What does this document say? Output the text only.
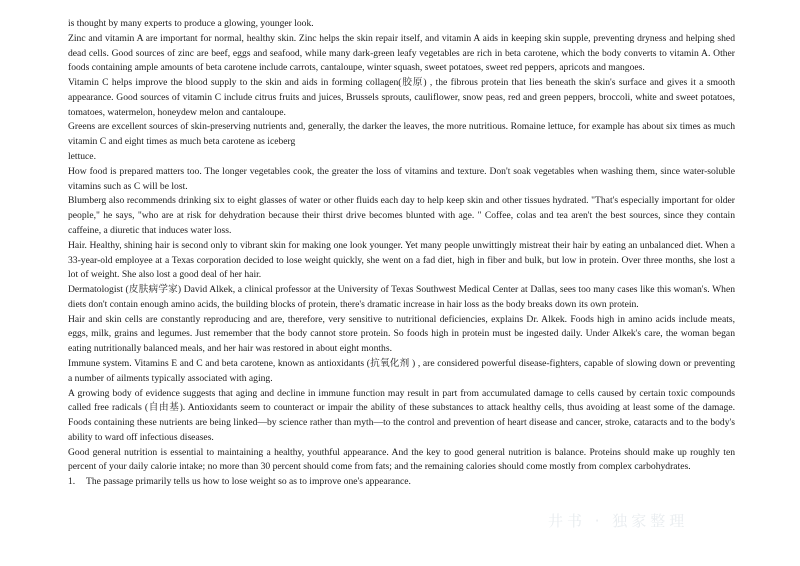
is thought by many experts to produce a glowing, younger look.

Zinc and vitamin A are important for normal, healthy skin. Zinc helps the skin repair itself, and vitamin A aids in keeping skin supple, preventing dryness and helping shed dead cells. Good sources of zinc are beef, eggs and seafood, while many dark-green leafy vegetables are rich in beta carotene, which the body converts to vitamin A. Other foods containing ample amounts of beta carotene include carrots, cantaloupe, winter squash, sweet potatoes, sweet red peppers, apricots and mangoes.

Vitamin C helps improve the blood supply to the skin and aids in forming collagen(胶原) , the fibrous protein that lies beneath the skin's surface and gives it a smooth appearance. Good sources of vitamin C include citrus fruits and juices, Brussels sprouts, cauliflower, snow peas, red and green peppers, broccoli, white and sweet potatoes, tomatoes, watermelon, honeydew melon and cantaloupe.

Greens are excellent sources of skin-preserving nutrients and, generally, the darker the leaves, the more nutritious. Romaine lettuce, for example has about six times as much vitamin C and eight times as much beta carotene as iceberg

lettuce.

How food is prepared matters too. The longer vegetables cook, the greater the loss of vitamins and texture. Don't soak vegetables when washing them, since water-soluble vitamins such as C will be lost.

Blumberg also recommends drinking six to eight glasses of water or other fluids each day to help keep skin and other tissues hydrated. "That's especially important for older people," he says, "who are at risk for dehydration because their thirst drive becomes blunted with age. " Coffee, colas and tea aren't the best sources, since they contain caffeine, a diuretic that induces water loss.

Hair. Healthy, shining hair is second only to vibrant skin for making one look younger. Yet many people unwittingly mistreat their hair by eating an unbalanced diet. When a 33-year-old employee at a Texas corporation decided to lose weight quickly, she went on a fad diet, high in fiber and bulk, but low in protein. Over three months, she lost a lot of weight. She also lost a good deal of her hair.

Dermatologist (皮肤病学家) David Alkek, a clinical professor at the University of Texas Southwest Medical Center at Dallas, sees too many cases like this woman's. When diets don't contain enough amino acids, the building blocks of protein, there's dramatic increase in hair loss as the body breaks down its own protein.

Hair and skin cells are constantly reproducing and are, therefore, very sensitive to nutritional deficiencies, explains Dr. Alkek. Foods high in amino acids include meats, eggs, milk, grains and legumes. Just remember that the body cannot store protein. So foods high in protein must be ingested daily. Under Alkek's care, the woman began eating nutritionally balanced meals, and her hair was restored in about eight months.

Immune system. Vitamins E and C and beta carotene, known as antioxidants (抗氧化剂 ) , are considered powerful disease-fighters, capable of slowing down or preventing a number of ailments typically associated with aging.

A growing body of evidence suggests that aging and decline in immune function may result in part from accumulated damage to cells caused by certain toxic compounds called free radicals (自由基). Antioxidants seem to counteract or impair the ability of these substances to attack healthy cells, thus avoiding at least some of the damage. Foods containing these nutrients are being linked—by science rather than myth—to the control and prevention of heart disease and cancer, stroke, cataracts and to the body's ability to ward off infectious diseases.

Good general nutrition is essential to maintaining a healthy, youthful appearance. And the key to good general nutrition is balance. Proteins should make up roughly ten percent of your daily calorie intake; no more than 30 percent should come from fats; and the remaining calories should come mostly from complex carbohydrates.

1. The passage primarily tells us how to lose weight so as to improve one's appearance.

井书 · 独家整理
